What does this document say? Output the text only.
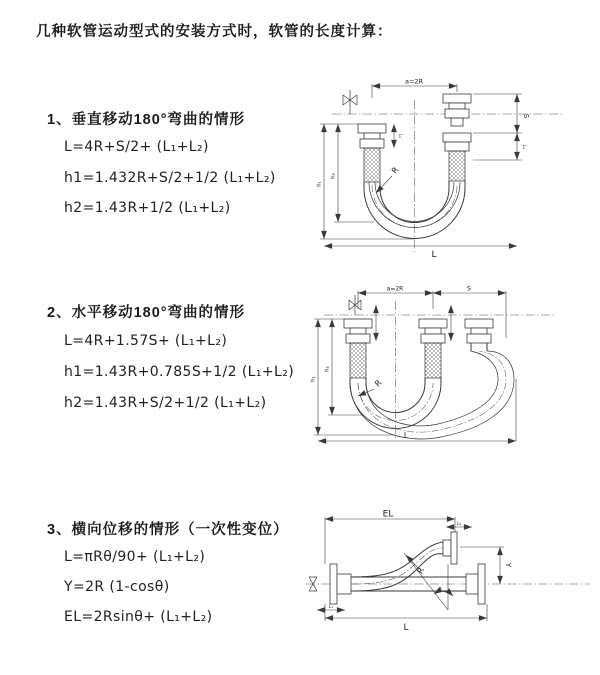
几种软管运动型式的安装方式时，软管的长度计算：
1、垂直移动180°弯曲的情形
L=4R+S/2+ (L₁+L₂)
h1=1.432R+S/2+1/2 (L₁+L₂)
h2=1.43R+1/2 (L₁+L₂)
a=2R
S
L₂
L₁
h₁
h₂
R
L
2、水平移动180°弯曲的情形
L=4R+1.57S+ (L₁+L₂)
h1=1.43R+0.785S+1/2 (L₁+L₂)
h2=1.43R+S/2+1/2 (L₁+L₂)
a=2R	S
h₁
h₂
R
L
3、横向位移的情形（一次性变位）
L=πRθ/90+ (L₁+L₂)
Y=2R (1-cosθ)
EL=2Rsinθ+ (L₁+L₂)
EL
L₂
Y
R
θ
L₁
L
